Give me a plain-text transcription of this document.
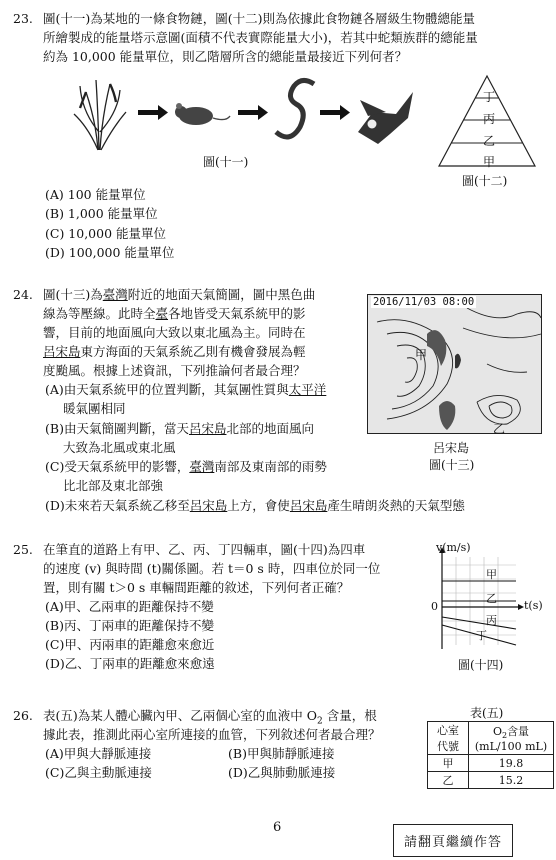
23. 圖(十一)為某地的一條食物鏈，圖(十二)則為依據此食物鏈各層級生物體總能量
所繪製成的能量塔示意圖(面積不代表實際能量大小)，若其中蛇類族群的總能量
約為 10,000 能量單位，則乙階層所含的總能量最接近下列何者？
圖(十一)
丁
丙
乙
甲
圖(十二)
(A) 100 能量單位
(B) 1,000 能量單位
(C) 10,000 能量單位
(D) 100,000 能量單位
24. 圖(十三)為臺灣附近的地面天氣簡圖，圖中黑色曲
線為等壓線。此時全臺各地皆受天氣系統甲的影
響，目前的地面風向大致以東北風為主。同時在
呂宋島東方海面的天氣系統乙則有機會發展為輕
度颱風。根據上述資訊，下列推論何者最合理？
(A)由天氣系統甲的位置判斷，其氣團性質與太平洋
暖氣團相同
(B)由天氣簡圖判斷，當天呂宋島北部的地面風向
大致為北風或東北風
(C)受天氣系統甲的影響，臺灣南部及東南部的雨勢
比北部及東北部強
(D)未來若天氣系統乙移至呂宋島上方，會使呂宋島產生晴朗炎熱的天氣型態
2016/11/03 08:00
甲
乙
呂宋島
圖(十三)
25. 在筆直的道路上有甲、乙、丙、丁四輛車，圖(十四)為四車
的速度 (v) 與時間 (t)關係圖。若 t＝0 s 時，四車位於同一位
置，則有關 t＞0 s 車輛間距離的敘述，下列何者正確？
(A)甲、乙兩車的距離保持不變
(B)丙、丁兩車的距離保持不變
(C)甲、丙兩車的距離愈來愈近
(D)乙、丁兩車的距離愈來愈遠
v(m/s)
t(s)
0
甲
乙
丙
丁
圖(十四)
26. 表(五)為某人體心臟內甲、乙兩個心室的血液中 $O_2$ 含量，根
據此表，推測此兩心室所連接的血管，下列敘述何者最合理？
(A)甲與大靜脈連接	(B)甲與肺靜脈連接
(C)乙與主動脈連接	(D)乙與肺動脈連接
表(五)
心室
代號	$O_2$含量
(mL/100 mL)
甲	19.8
乙	15.2
6
請翻頁繼續作答
